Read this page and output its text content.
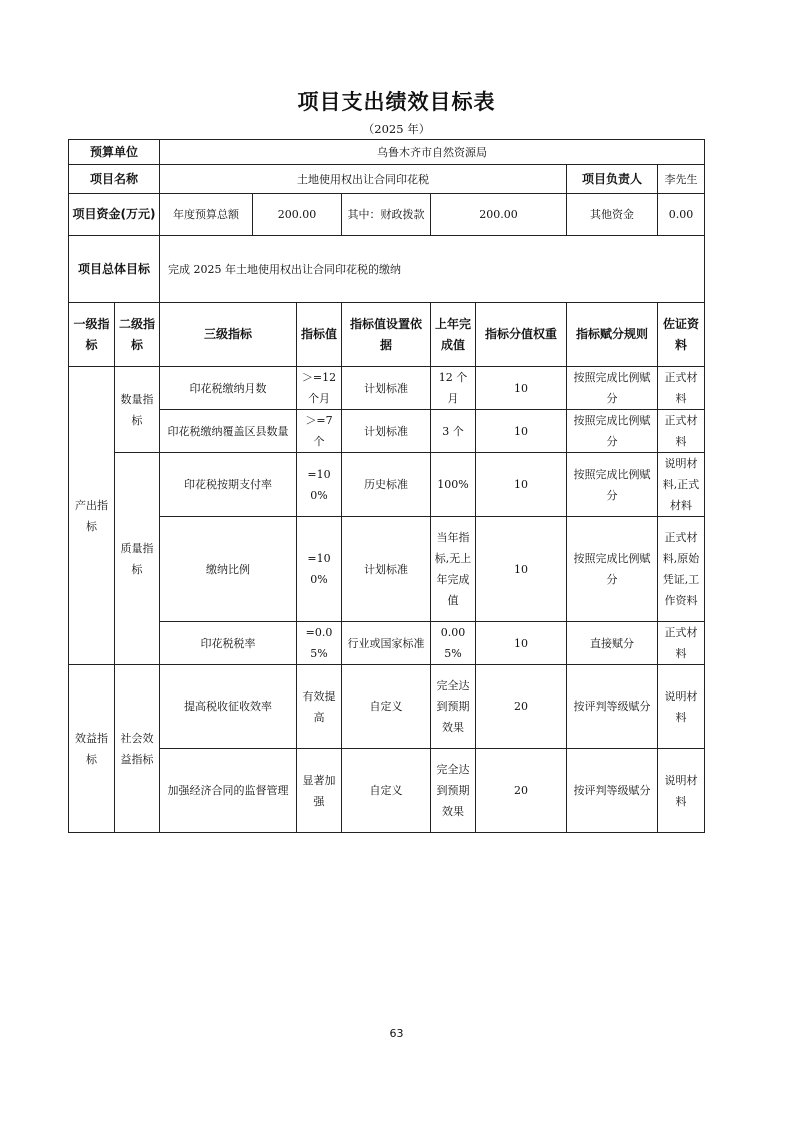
项目支出绩效目标表
（2025 年）
预算单位		乌鲁木齐市自然资源局							
项目名称		土地使用权出让合同印花税						项目负责人	李先生
项目资金(万元)		年度预算总额	200.00		其中：财政拨款	200.00		其他资金	0.00
项目总体目标		完成 2025 年土地使用权出让合同印花税的缴纳							
一级指标	二级指标	三级指标		指标值	指标值设置依据	上年完成值	指标分值权重	指标赋分规则	佐证资料
产出指标	数量指标	印花税缴纳月数		＞=12个月	计划标准	12 个月	10	按照完成比例赋分	正式材料
		印花税缴纳覆盖区县数量		＞=7个	计划标准	3 个	10	按照完成比例赋分	正式材料
	质量指标	印花税按期支付率		=100%	历史标准	100%	10	按照完成比例赋分	说明材料,正式材料
		缴纳比例		=100%	计划标准	当年指标,无上年完成值	10	按照完成比例赋分	正式材料,原始凭证,工作资料
		印花税税率		=0.05%	行业或国家标准	0.005%	10	直接赋分	正式材料
效益指标	社会效益指标	提高税收征收效率		有效提高	自定义	完全达到预期效果	20	按评判等级赋分	说明材料
		加强经济合同的监督管理		显著加强	自定义	完全达到预期效果	20	按评判等级赋分	说明材料
63
